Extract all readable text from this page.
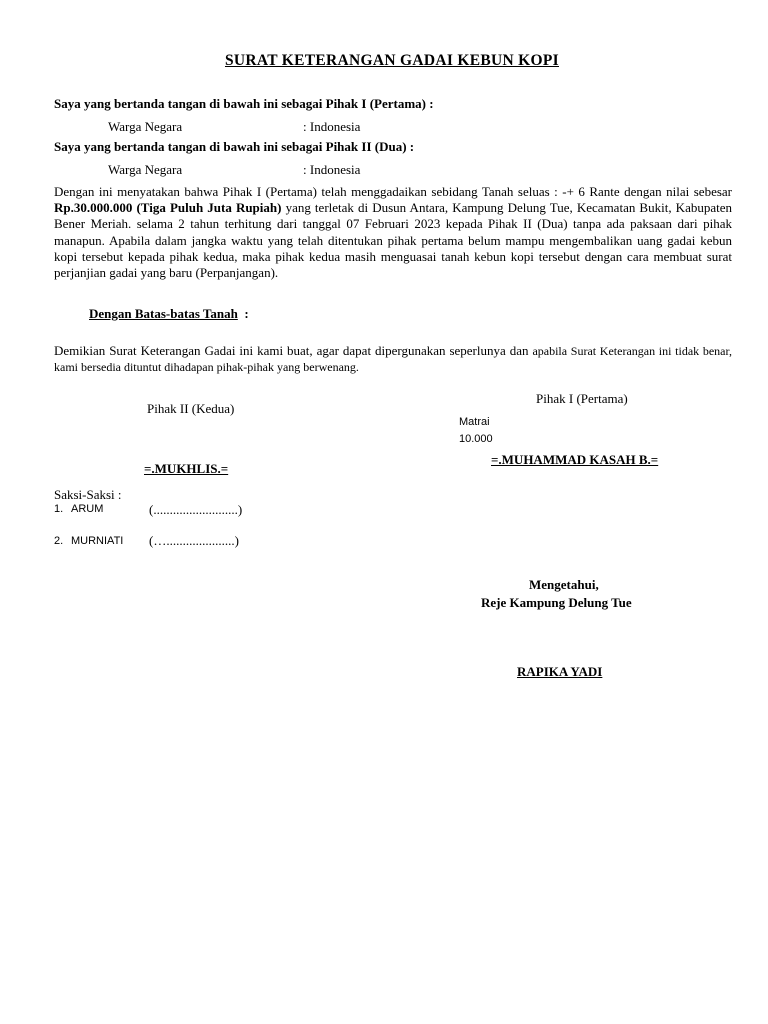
SURAT KETERANGAN GADAI KEBUN KOPI
Saya yang bertanda tangan di bawah ini sebagai Pihak I (Pertama) :
Warga Negara	: Indonesia
Saya yang bertanda tangan di bawah ini sebagai Pihak II (Dua) :
Warga Negara	: Indonesia
Dengan ini menyatakan bahwa Pihak I (Pertama) telah menggadaikan sebidang Tanah seluas : -+ 6 Rante dengan nilai sebesar Rp.30.000.000 (Tiga Puluh Juta Rupiah) yang terletak di Dusun Antara, Kampung Delung Tue, Kecamatan Bukit, Kabupaten Bener Meriah. selama 2 tahun terhitung dari tanggal 07 Februari 2023 kepada Pihak II (Dua) tanpa ada paksaan dari pihak manapun. Apabila dalam jangka waktu yang telah ditentukan pihak pertama belum mampu mengembalikan uang gadai kebun kopi tersebut kepada pihak kedua, maka pihak kedua masih menguasai tanah kebun kopi tersebut dengan cara membuat surat perjanjian gadai yang baru (Perpanjangan).
Dengan Batas-batas Tanah :
Demikian Surat Keterangan Gadai ini kami buat, agar dapat dipergunakan seperlunya dan apabila Surat Keterangan ini tidak benar, kami bersedia dituntut dihadapan pihak-pihak yang berwenang.
Pihak II (Kedua)
Pihak I (Pertama)
Matrai
10.000
=.MUKHLIS.=
=.MUHAMMAD KASAH B.=
Saksi-Saksi :
1. ARUM	(..........................)
2. MURNIATI (….....................)
Mengetahui,
Reje Kampung Delung Tue
RAPIKA YADI
